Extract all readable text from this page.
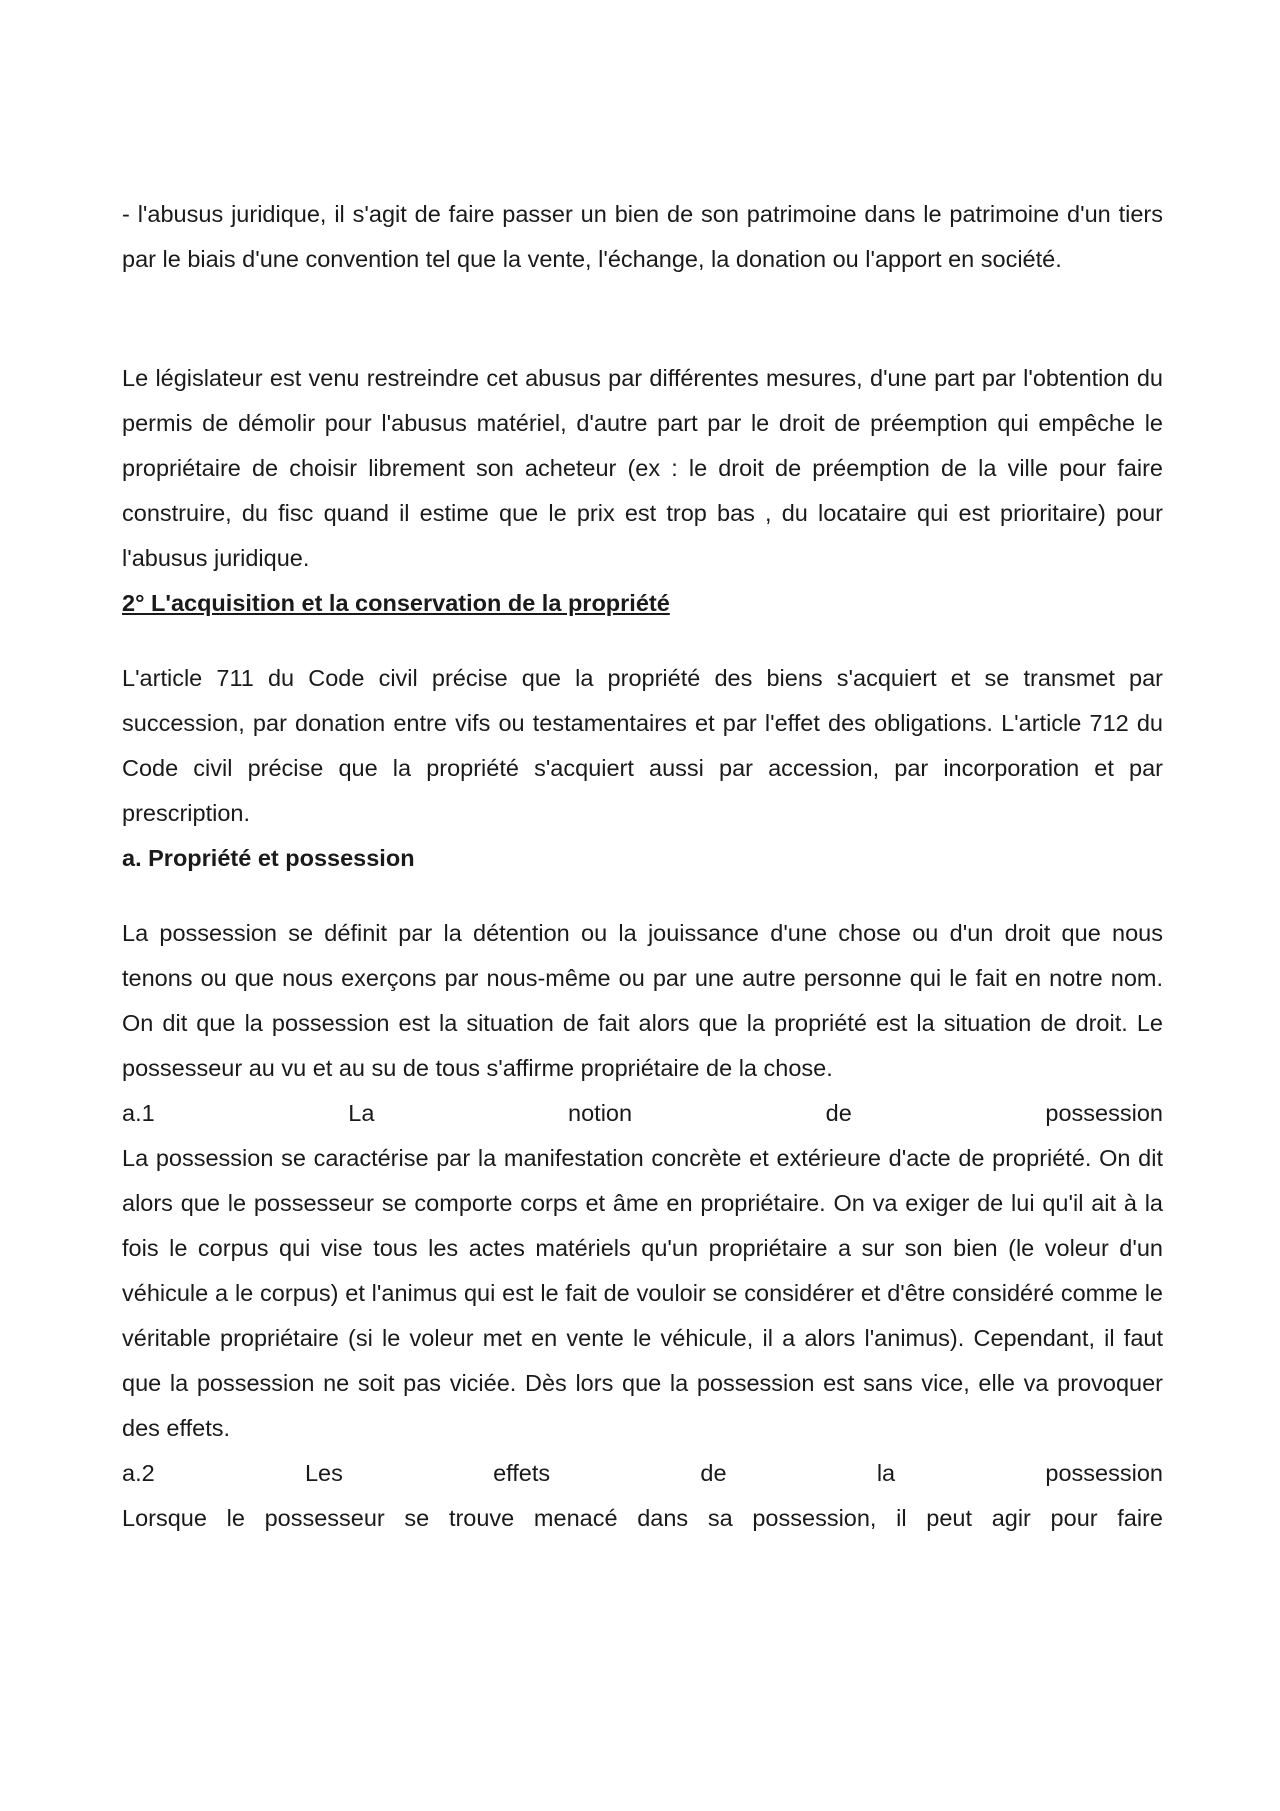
- l'abusus juridique, il s'agit de faire passer un bien de son patrimoine dans le patrimoine d'un tiers par le biais d'une convention tel que la vente, l'échange, la donation ou l'apport en société.

Le législateur est venu restreindre cet abusus par différentes mesures, d'une part par l'obtention du permis de démolir pour l'abusus matériel, d'autre part par le droit de préemption qui empêche le propriétaire de choisir librement son acheteur (ex : le droit de préemption de la ville pour faire construire, du fisc quand il estime que le prix est trop bas , du locataire qui est prioritaire) pour l'abusus juridique.

2° L'acquisition et la conservation de la propriété

L'article 711 du Code civil précise que la propriété des biens s'acquiert et se transmet par succession, par donation entre vifs ou testamentaires et par l'effet des obligations. L'article 712 du Code civil précise que la propriété s'acquiert aussi par accession, par incorporation et par prescription.

a. Propriété et possession

La possession se définit par la détention ou la jouissance d'une chose ou d'un droit que nous tenons ou que nous exerçons par nous-même ou par une autre personne qui le fait en notre nom. On dit que la possession est la situation de fait alors que la propriété est la situation de droit. Le possesseur au vu et au su de tous s'affirme propriétaire de la chose.

a.1	La	notion	de	possession

La possession se caractérise par la manifestation concrète et extérieure d'acte de propriété. On dit alors que le possesseur se comporte corps et âme en propriétaire. On va exiger de lui qu'il ait à la fois le corpus qui vise tous les actes matériels qu'un propriétaire a sur son bien (le voleur d'un véhicule a le corpus) et l'animus qui est le fait de vouloir se considérer et d'être considéré comme le véritable propriétaire (si le voleur met en vente le véhicule, il a alors l'animus). Cependant, il faut que la possession ne soit pas viciée. Dès lors que la possession est sans vice, elle va provoquer des effets.

a.2	Les	effets	de	la	possession

Lorsque le possesseur se trouve menacé dans sa possession, il peut agir pour faire
